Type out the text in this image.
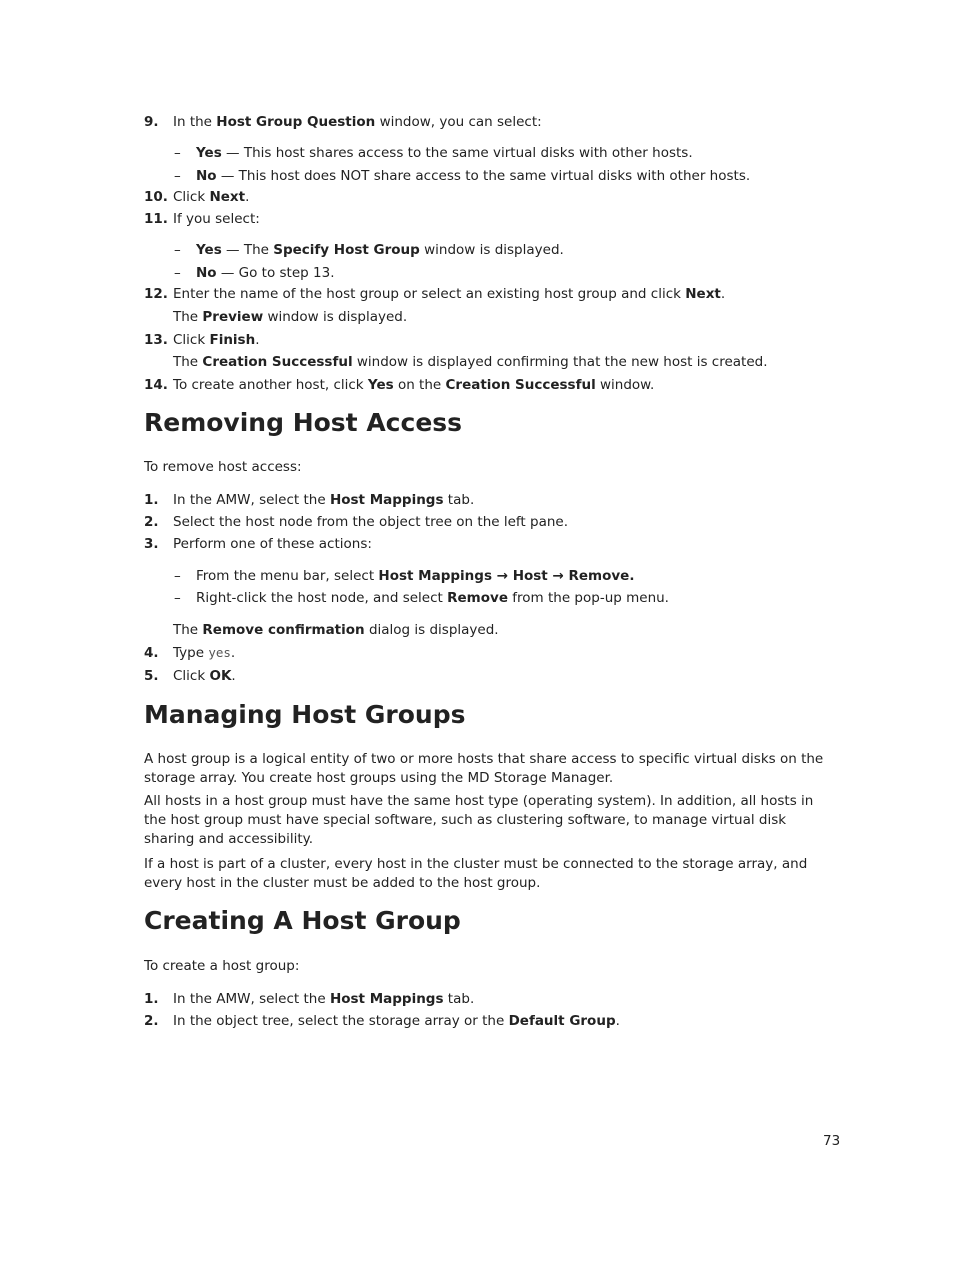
9. In the Host Group Question window, you can select:
– Yes — This host shares access to the same virtual disks with other hosts.
– No — This host does NOT share access to the same virtual disks with other hosts.
10. Click Next.
11. If you select:
– Yes — The Specify Host Group window is displayed.
– No — Go to step 13.
12. Enter the name of the host group or select an existing host group and click Next.
The Preview window is displayed.
13. Click Finish.
The Creation Successful window is displayed confirming that the new host is created.
14. To create another host, click Yes on the Creation Successful window.
Removing Host Access
To remove host access:
1. In the AMW, select the Host Mappings tab.
2. Select the host node from the object tree on the left pane.
3. Perform one of these actions:
– From the menu bar, select Host Mappings → Host → Remove.
– Right-click the host node, and select Remove from the pop-up menu.
The Remove confirmation dialog is displayed.
4. Type yes.
5. Click OK.
Managing Host Groups
A host group is a logical entity of two or more hosts that share access to specific virtual disks on the storage array. You create host groups using the MD Storage Manager.
All hosts in a host group must have the same host type (operating system). In addition, all hosts in the host group must have special software, such as clustering software, to manage virtual disk sharing and accessibility.
If a host is part of a cluster, every host in the cluster must be connected to the storage array, and every host in the cluster must be added to the host group.
Creating A Host Group
To create a host group:
1. In the AMW, select the Host Mappings tab.
2. In the object tree, select the storage array or the Default Group.
73
